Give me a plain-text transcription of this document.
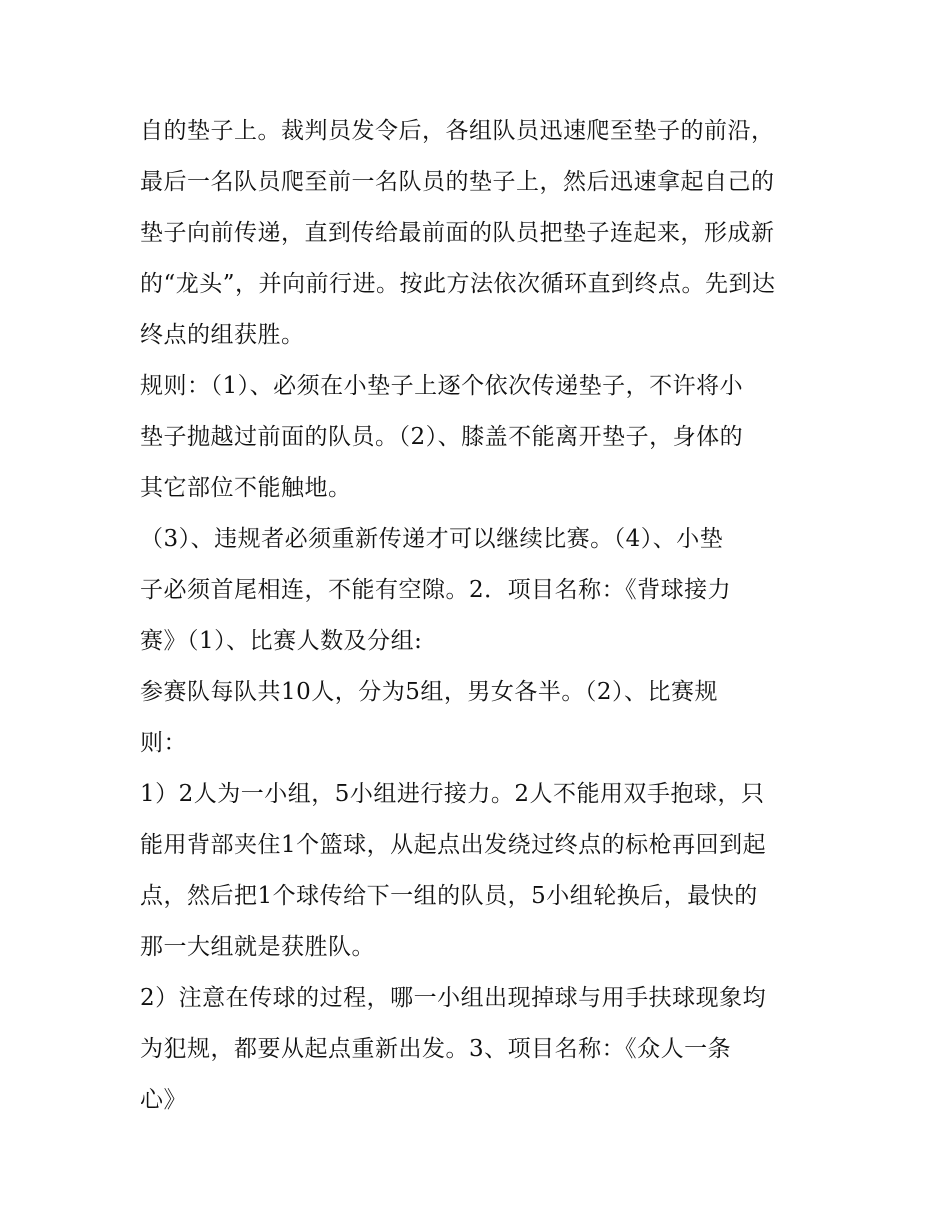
自的垫子上。裁判员发令后，各组队员迅速爬至垫子的前沿，
最后一名队员爬至前一名队员的垫子上，然后迅速拿起自己的
垫子向前传递，直到传给最前面的队员把垫子连起来，形成新
的“龙头”，并向前行进。按此方法依次循环直到终点。先到达
终点的组获胜。
规则：（1）、必须在小垫子上逐个依次传递垫子，不许将小
垫子抛越过前面的队员。（2）、膝盖不能离开垫子，身体的
其它部位不能触地。
（3）、违规者必须重新传递才可以继续比赛。（4）、小垫
子必须首尾相连，不能有空隙。2．项目名称：《背球接力
赛》（1）、比赛人数及分组:
参赛队每队共10人，分为5组，男女各半。（2）、比赛规
则：
1）2人为一小组，5小组进行接力。2人不能用双手抱球，只
能用背部夹住1个篮球，从起点出发绕过终点的标枪再回到起
点，然后把1个球传给下一组的队员，5小组轮换后，最快的
那一大组就是获胜队。
2）注意在传球的过程，哪一小组出现掉球与用手扶球现象均
为犯规，都要从起点重新出发。3、项目名称：《众人一条
心》
